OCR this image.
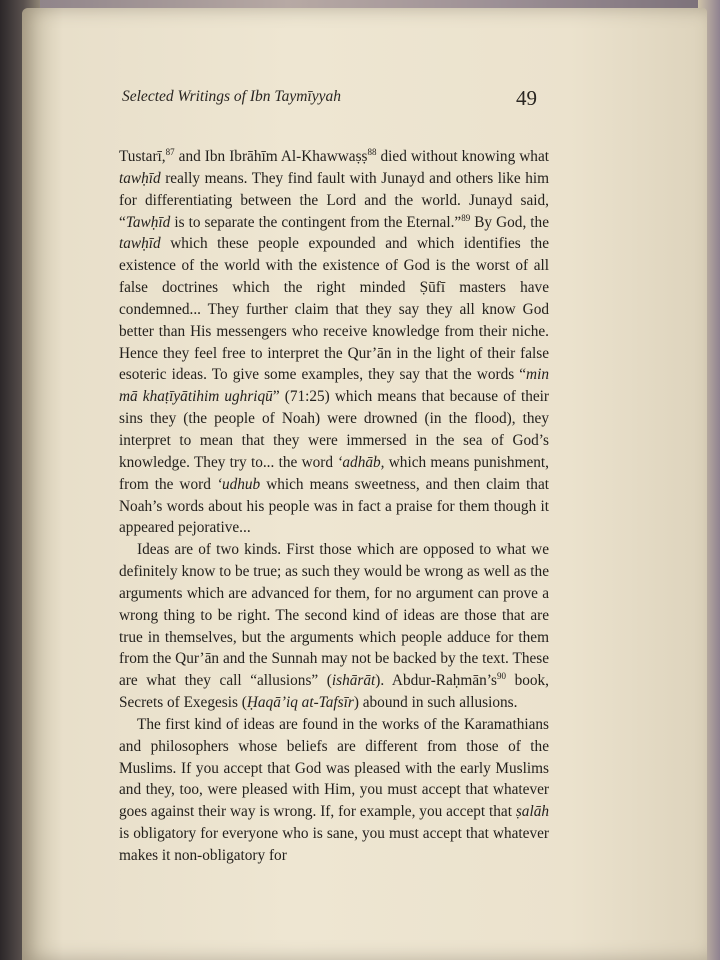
Selected Writings of Ibn Taymīyyah	49

Tustarī,$^{87}$ and Ibn Ibrāhīm Al-Khawwaṣṣ$^{88}$ died without knowing what tawḥīd really means. They find fault with Junayd and others like him for differentiating between the Lord and the world. Junayd said, “Tawḥīd is to separate the contingent from the Eternal.”$^{89}$ By God, the tawḥīd which these people expounded and which identifies the existence of the world with the existence of God is the worst of all false doctrines which the right minded Ṣūfī masters have condemned... They further claim that they say they all know God better than His messengers who receive knowledge from their niche. Hence they feel free to interpret the Qur’ān in the light of their false esoteric ideas. To give some examples, they say that the words “min mā khaṭīyātihim ughriqū” (71:25) which means that because of their sins they (the people of Noah) were drowned (in the flood), they interpret to mean that they were immersed in the sea of God’s knowledge. They try to... the word ‘adhāb, which means punishment, from the word ‘udhub which means sweetness, and then claim that Noah’s words about his people was in fact a praise for them though it appeared pejorative...

Ideas are of two kinds. First those which are opposed to what we definitely know to be true; as such they would be wrong as well as the arguments which are advanced for them, for no argument can prove a wrong thing to be right. The second kind of ideas are those that are true in themselves, but the arguments which people adduce for them from the Qur’ān and the Sunnah may not be backed by the text. These are what they call “allusions” (ishārāt). Abdur-Raḥmān’s$^{90}$ book, Secrets of Exegesis (Ḥaqā’iq at-Tafsīr) abound in such allusions.

The first kind of ideas are found in the works of the Karamathians and philosophers whose beliefs are different from those of the Muslims. If you accept that God was pleased with the early Muslims and they, too, were pleased with Him, you must accept that whatever goes against their way is wrong. If, for example, you accept that ṣalāh is obligatory for everyone who is sane, you must accept that whatever makes it non-obligatory for
